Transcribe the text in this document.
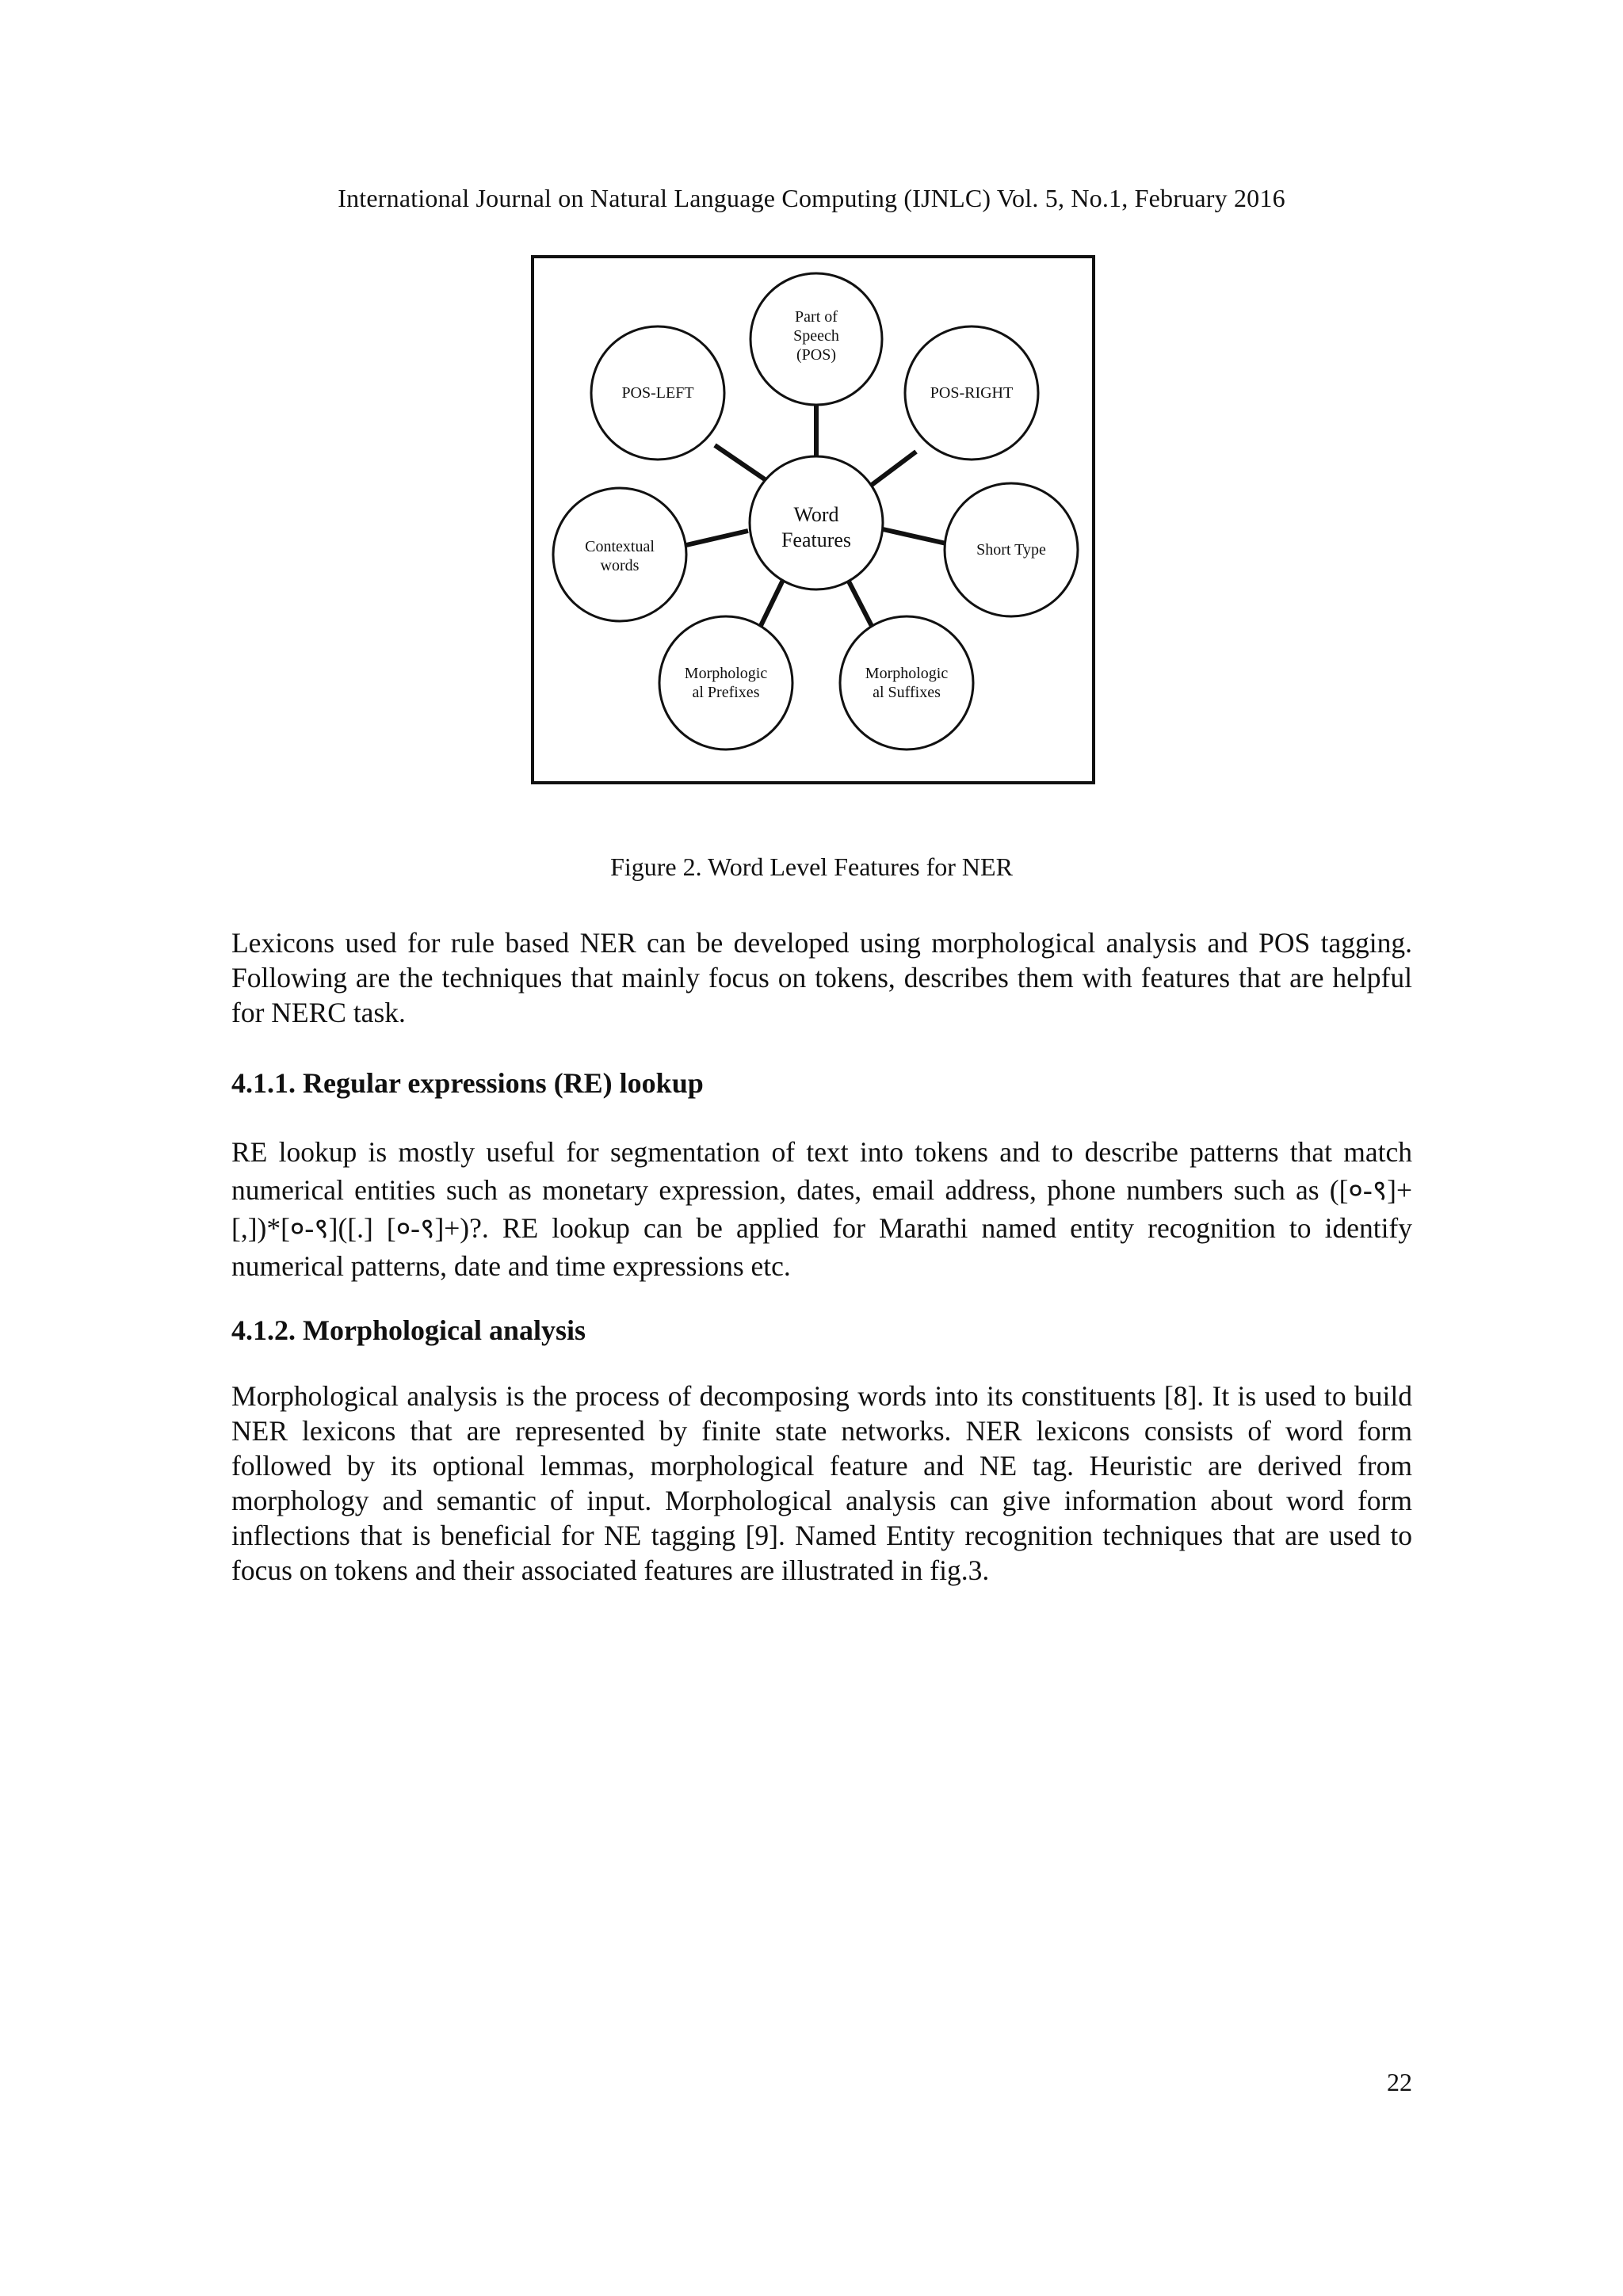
International Journal on Natural Language Computing (IJNLC) Vol. 5, No.1, February 2016
Part of
Speech
(POS)
POS-LEFT	POS-RIGHT
Contextual
words
Short Type
Morphologic
al Prefixes
Morphologic
al Suffixes
Word
Features
Figure 2. Word Level Features for NER

Lexicons used for rule based NER can be developed using morphological analysis and POS tagging. Following are the techniques that mainly focus on tokens, describes them with features that are helpful for NERC task.

4.1.1. Regular expressions (RE) lookup

RE lookup is mostly useful for segmentation of text into tokens and to describe patterns that match numerical entities such as monetary expression, dates, email address, phone numbers such as ([०-९]+[,])*[०-९]([.] [०-९]+)?. RE lookup can be applied for Marathi named entity recognition to identify numerical patterns, date and time expressions etc.

4.1.2. Morphological analysis

Morphological analysis is the process of decomposing words into its constituents [8]. It is used to build NER lexicons that are represented by finite state networks. NER lexicons consists of word form followed by its optional lemmas, morphological feature and NE tag. Heuristic are derived from morphology and semantic of input. Morphological analysis can give information about word form inflections that is beneficial for NE tagging [9]. Named Entity recognition techniques that are used to focus on tokens and their associated features are illustrated in fig.3.

22
